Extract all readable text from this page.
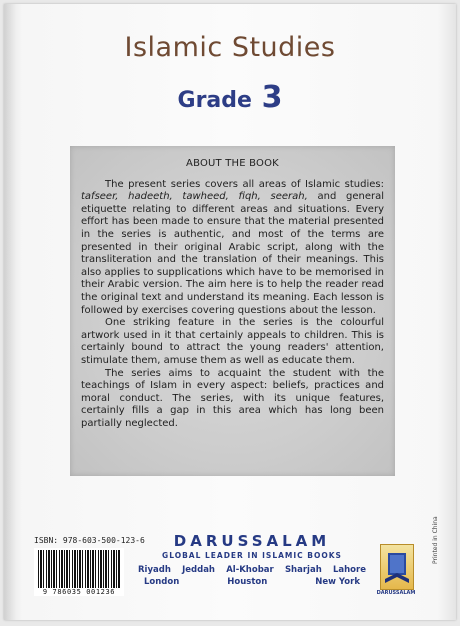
Islamic Studies
Grade 3
ABOUT THE BOOK

The present series covers all areas of Islamic studies: tafseer, hadeeth, tawheed, fiqh, seerah, and general etiquette relating to different areas and situations. Every effort has been made to ensure that the material presented in the series is authentic, and most of the terms are presented in their original Arabic script, along with the transliteration and the translation of their meanings. This also applies to supplications which have to be memorised in their Arabic version. The aim here is to help the reader read the original text and understand its meaning. Each lesson is followed by exercises covering questions about the lesson.

One striking feature in the series is the colourful artwork used in it that certainly appeals to children. This is certainly bound to attract the young readers' attention, stimulate them, amuse them as well as educate them.

The series aims to acquaint the student with the teachings of Islam in every aspect: beliefs, practices and moral conduct. The series, with its unique features, certainly fills a gap in this area which has long been partially neglected.

ISBN: 978-603-500-123-6
9 786035 001236
DARUSSALAM
GLOBAL LEADER IN ISLAMIC BOOKS
Riyadh Jeddah Al-Khobar Sharjah Lahore
London	Houston	New York
DARUSSALAM
Printed in China
